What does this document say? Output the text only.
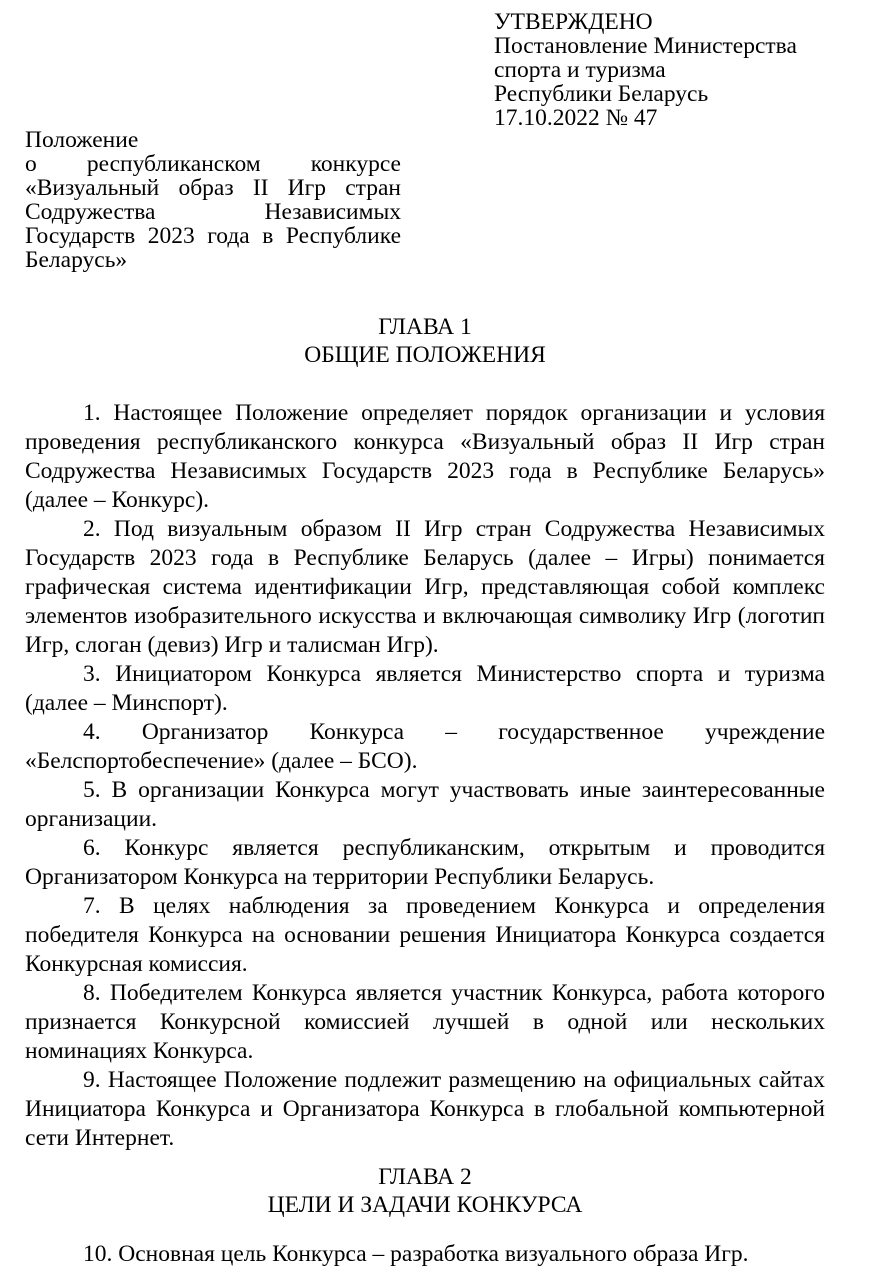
УТВЕРЖДЕНО
Постановление Министерства
спорта и туризма
Республики Беларусь
17.10.2022 № 47
Положение
о республиканском конкурсе «Визуальный образ II Игр стран Содружества Независимых Государств 2023 года в Республике Беларусь»
ГЛАВА 1
ОБЩИЕ ПОЛОЖЕНИЯ

1. Настоящее Положение определяет порядок организации и условия проведения республиканского конкурса «Визуальный образ II Игр стран Содружества Независимых Государств 2023 года в Республике Беларусь» (далее – Конкурс).

2. Под визуальным образом II Игр стран Содружества Независимых Государств 2023 года в Республике Беларусь (далее – Игры) понимается графическая система идентификации Игр, представляющая собой комплекс элементов изобразительного искусства и включающая символику Игр (логотип Игр, слоган (девиз) Игр и талисман Игр).

3. Инициатором Конкурса является Министерство спорта и туризма (далее – Минспорт).

4. Организатор Конкурса – государственное учреждение «Белспортобеспечение» (далее – БСО).

5. В организации Конкурса могут участвовать иные заинтересованные организации.

6. Конкурс является республиканским, открытым и проводится Организатором Конкурса на территории Республики Беларусь.

7. В целях наблюдения за проведением Конкурса и определения победителя Конкурса на основании решения Инициатора Конкурса создается Конкурсная комиссия.

8. Победителем Конкурса является участник Конкурса, работа которого признается Конкурсной комиссией лучшей в одной или нескольких номинациях Конкурса.

9. Настоящее Положение подлежит размещению на официальных сайтах Инициатора Конкурса и Организатора Конкурса в глобальной компьютерной сети Интернет.

ГЛАВА 2
ЦЕЛИ И ЗАДАЧИ КОНКУРСА

10. Основная цель Конкурса – разработка визуального образа Игр.
